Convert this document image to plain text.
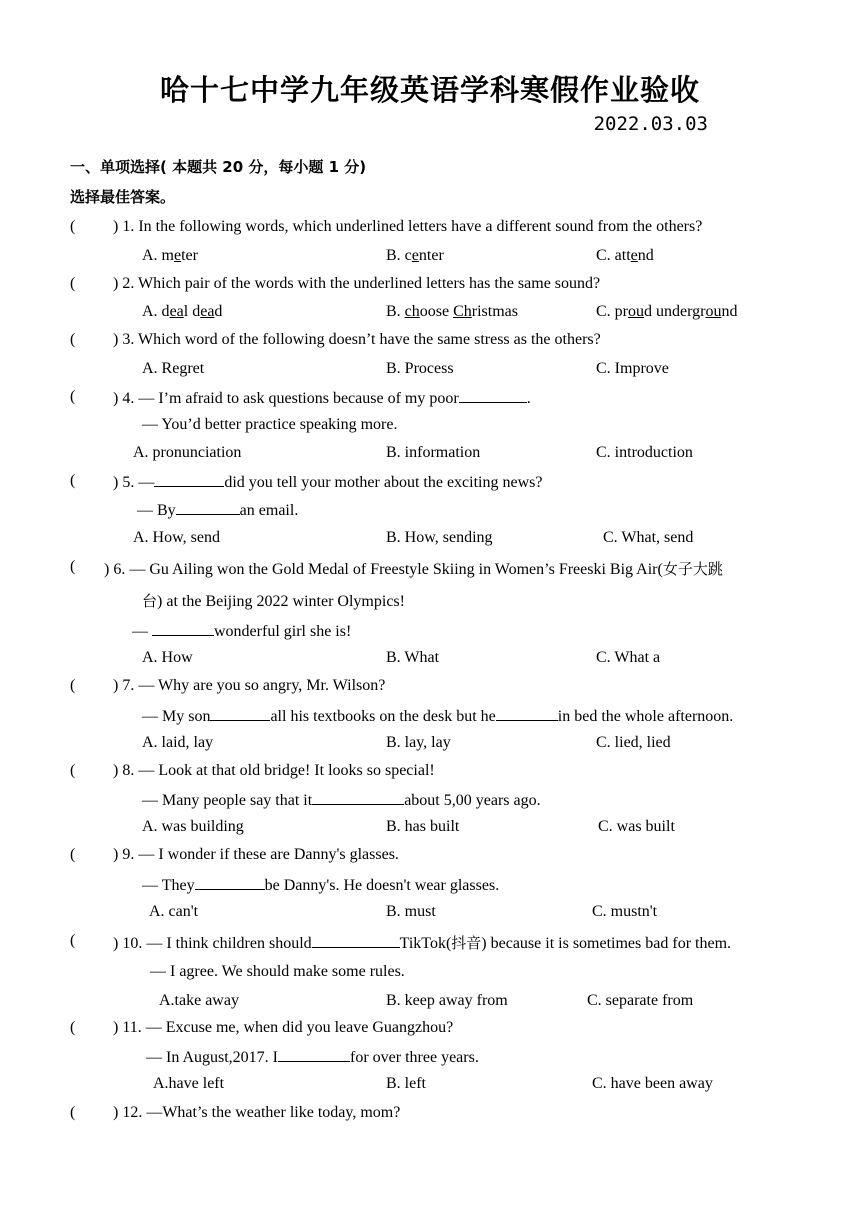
哈十七中学九年级英语学科寒假作业验收
2022.03.03
一、单项选择( 本题共 20 分，每小题 1 分)
选择最佳答案。
( ) 1. In the following words, which underlined letters have a different sound from the others?
A. meter	B. center	C. attend
( ) 2. Which pair of the words with the underlined letters has the same sound?
A. deal dead	B. choose Christmas	C. proud underground
( ) 3. Which word of the following doesn’t have the same stress as the others?
A. Regret	B. Process	C. Improve
( ) 4. — I’m afraid to ask questions because of my poor	.
— You’d better practice speaking more.
A. pronunciation	B. information	C. introduction
( ) 5. —	did you tell your mother about the exciting news?
— By	an email.
A. How, send	B. How, sending	C. What, send
( ) 6. — Gu Ailing won the Gold Medal of Freestyle Skiing in Women’s Freeski Big Air(女子大跳
台) at the Beijing 2022 winter Olympics!
—	wonderful girl she is!
A. How	B. What	C. What a
( ) 7. — Why are you so angry, Mr. Wilson?
— My son	all his textbooks on the desk but he	in bed the whole afternoon.
A. laid, lay	B. lay, lay	C. lied, lied
( ) 8. — Look at that old bridge! It looks so special!
— Many people say that it	about 5,00 years ago.
A. was building	B. has built	C. was built
( ) 9. — I wonder if these are Danny's glasses.
— They	be Danny's. He doesn't wear glasses.
A. can't	B. must	C. mustn't
( ) 10. — I think children should	TikTok(抖音) because it is sometimes bad for them.
— I agree. We should make some rules.
A.take away	B. keep away from	C. separate from
( ) 11. — Excuse me, when did you leave Guangzhou?
— In August,2017. I	for over three years.
A.have left	B. left	C. have been away
( ) 12. —What’s the weather like today, mom?
